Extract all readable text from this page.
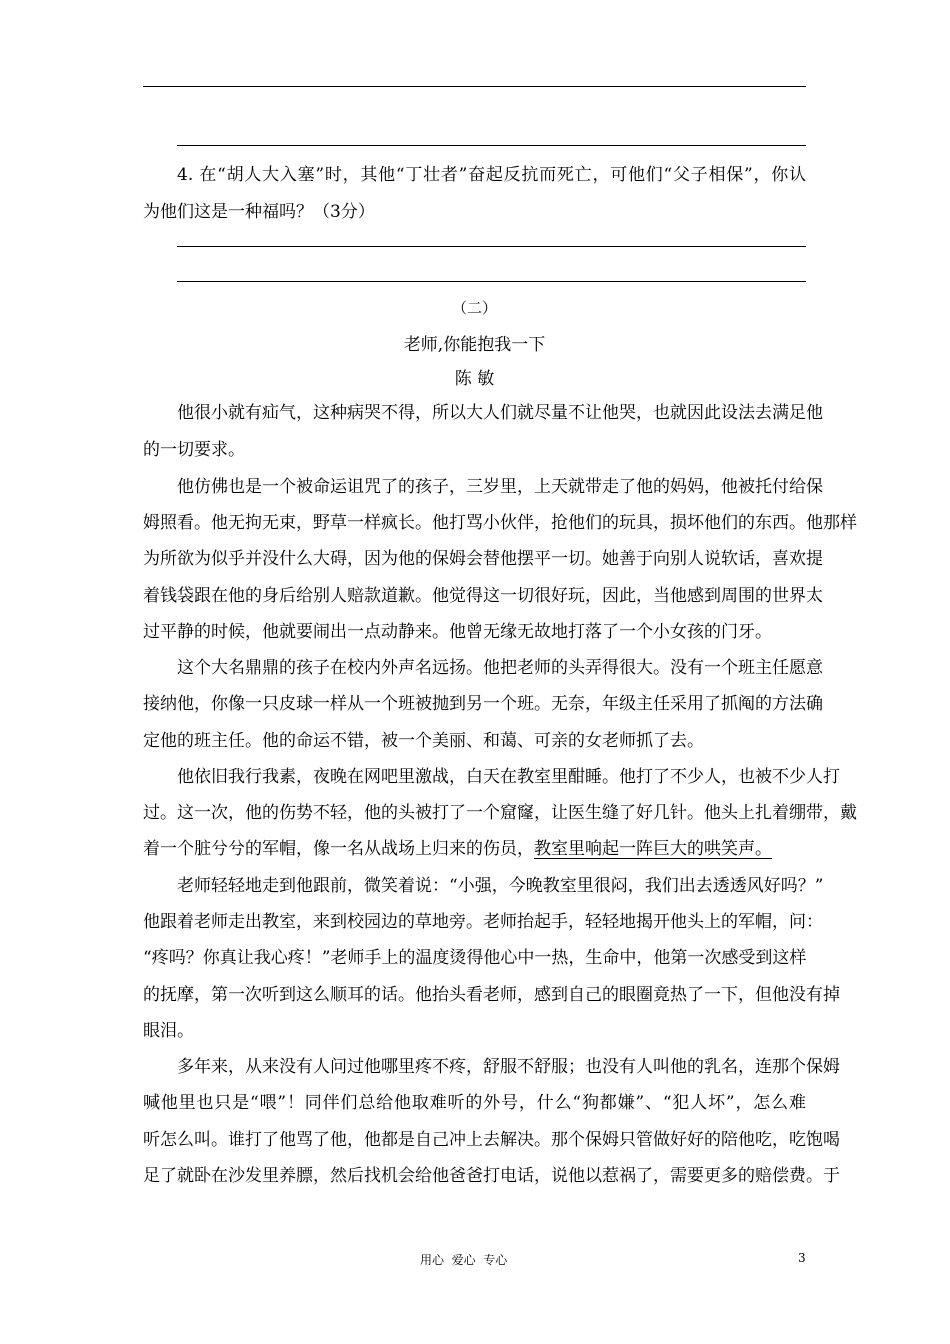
4. 在“胡人大入塞”时，其他“丁壮者”奋起反抗而死亡，可他们“父子相保”，你认
为他们这是一种福吗？（3分）
（二）
老师,你能抱我一下
陈 敏
他很小就有疝气，这种病哭不得，所以大人们就尽量不让他哭，也就因此设法去满足他
的一切要求。
他仿佛也是一个被命运诅咒了的孩子，三岁里，上天就带走了他的妈妈，他被托付给保
姆照看。他无拘无束，野草一样疯长。他打骂小伙伴，抢他们的玩具，损坏他们的东西。他那样
为所欲为似乎并没什么大碍，因为他的保姆会替他摆平一切。她善于向别人说软话，喜欢提
着钱袋跟在他的身后给别人赔款道歉。他觉得这一切很好玩，因此，当他感到周围的世界太
过平静的时候，他就要闹出一点动静来。他曾无缘无故地打落了一个小女孩的门牙。
这个大名鼎鼎的孩子在校内外声名远扬。他把老师的头弄得很大。没有一个班主任愿意
接纳他，你像一只皮球一样从一个班被抛到另一个班。无奈，年级主任采用了抓阄的方法确
定他的班主任。他的命运不错，被一个美丽、和蔼、可亲的女老师抓了去。
他依旧我行我素，夜晚在网吧里激战，白天在教室里酣睡。他打了不少人，也被不少人打
过。这一次，他的伤势不轻，他的头被打了一个窟窿，让医生缝了好几针。他头上扎着绷带，戴
着一个脏兮兮的军帽，像一名从战场上归来的伤员，教室里响起一阵巨大的哄笑声。
老师轻轻地走到他跟前，微笑着说：“小强，今晚教室里很闷，我们出去透透风好吗？”
他跟着老师走出教室，来到校园边的草地旁。老师抬起手，轻轻地揭开他头上的军帽，问：
“疼吗？你真让我心疼！”老师手上的温度烫得他心中一热，生命中，他第一次感受到这样
的抚摩，第一次听到这么顺耳的话。他抬头看老师，感到自己的眼圈竟热了一下，但他没有掉
眼泪。
多年来，从来没有人问过他哪里疼不疼，舒服不舒服；也没有人叫他的乳名，连那个保姆
喊他里也只是“喂”！同伴们总给他取难听的外号，什么“狗都嫌”、“犯人坏”，怎么难
听怎么叫。谁打了他骂了他，他都是自己冲上去解决。那个保姆只管做好好的陪他吃，吃饱喝
足了就卧在沙发里养膘，然后找机会给他爸爸打电话，说他以惹祸了，需要更多的赔偿费。于
用心  爱心  专心	3
